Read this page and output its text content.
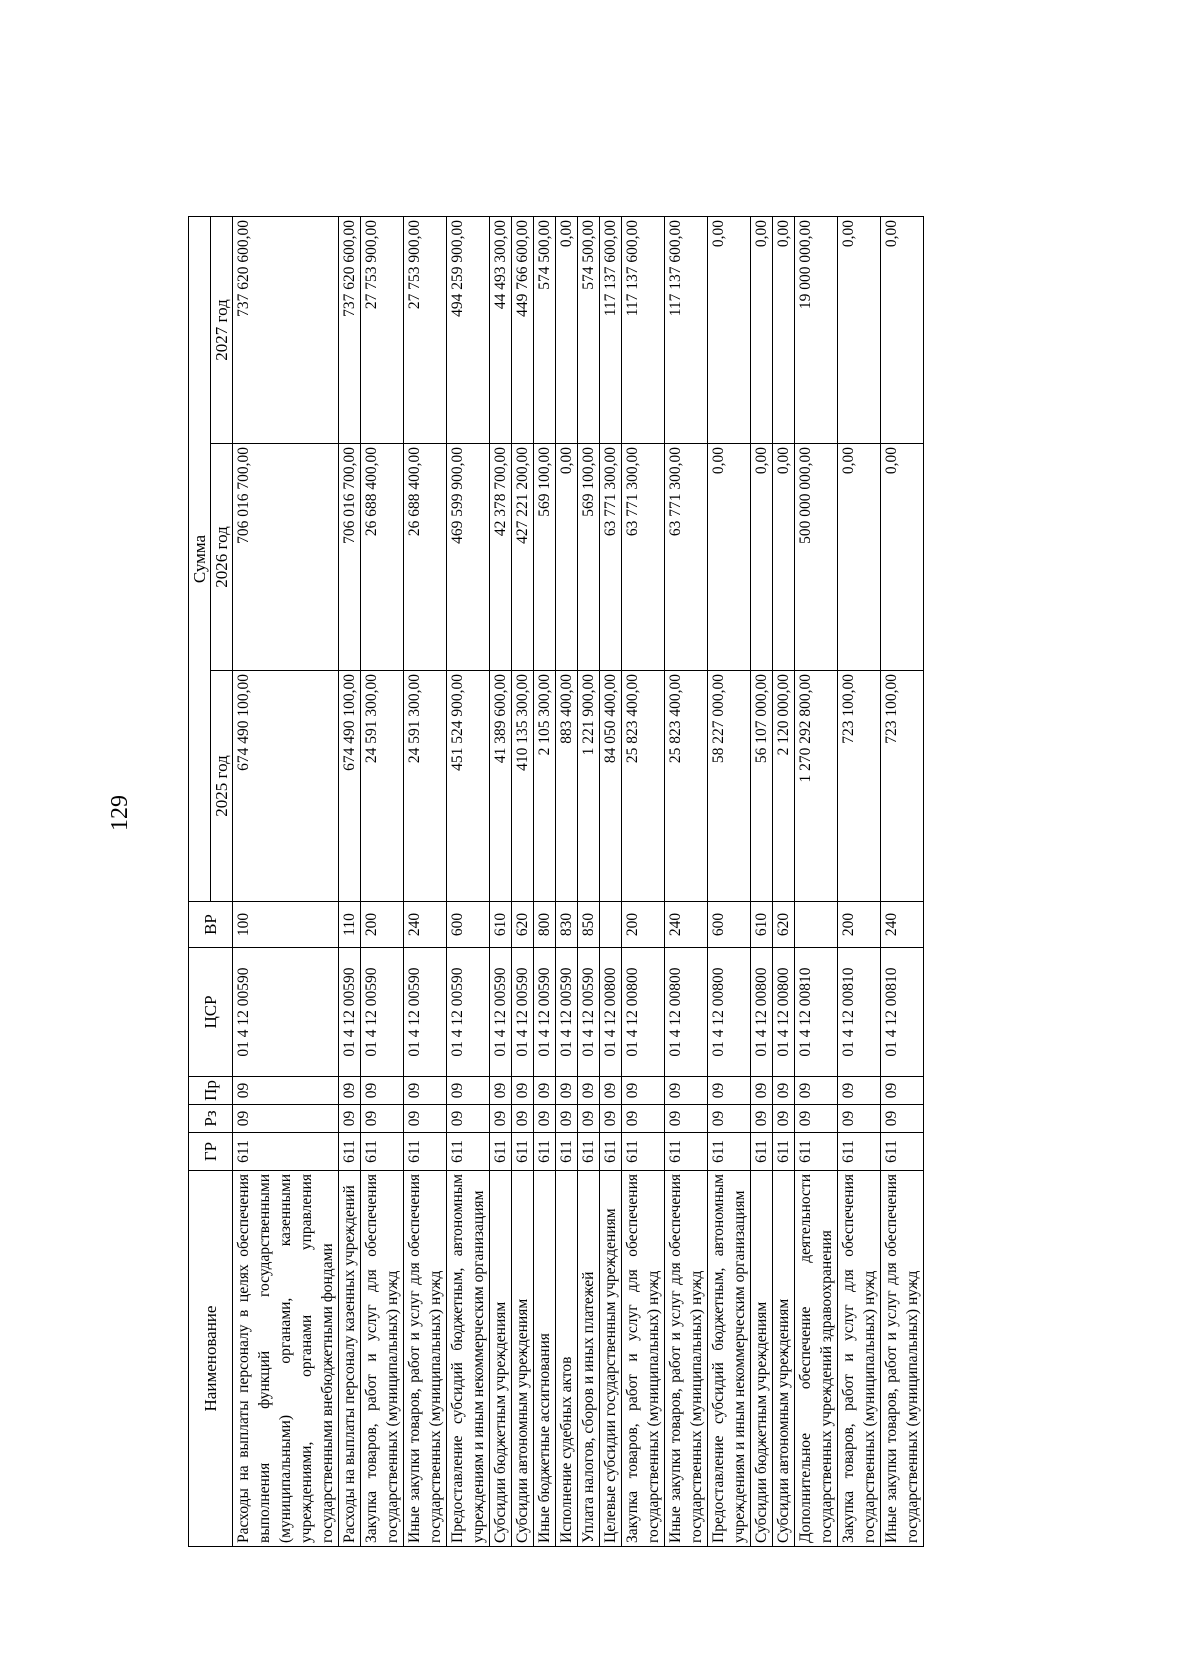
129
Наименование	ГР	Рз	Пр	ЦСР	ВР	Сумма		
						2025 год	2026 год	2027 год
Расходы на выплаты персоналу в целях обеспечения выполнения функций государственными (муниципальными) органами, казенными учреждениями, органами управления государственными внебюджетными фондами	611	09	09	01 4 12 00590	100	674 490 100,00	706 016 700,00	737 620 600,00
Расходы на выплаты персоналу казенных учреждений	611	09	09	01 4 12 00590	110	674 490 100,00	706 016 700,00	737 620 600,00
Закупка товаров, работ и услуг для обеспечения государственных (муниципальных) нужд	611	09	09	01 4 12 00590	200	24 591 300,00	26 688 400,00	27 753 900,00
Иные закупки товаров, работ и услуг для обеспечения государственных (муниципальных) нужд	611	09	09	01 4 12 00590	240	24 591 300,00	26 688 400,00	27 753 900,00
Предоставление субсидий бюджетным, автономным учреждениям и иным некоммерческим организациям	611	09	09	01 4 12 00590	600	451 524 900,00	469 599 900,00	494 259 900,00
Субсидии бюджетным учреждениям	611	09	09	01 4 12 00590	610	41 389 600,00	42 378 700,00	44 493 300,00
Субсидии автономным учреждениям	611	09	09	01 4 12 00590	620	410 135 300,00	427 221 200,00	449 766 600,00
Иные бюджетные ассигнования	611	09	09	01 4 12 00590	800	2 105 300,00	569 100,00	574 500,00
Исполнение судебных актов	611	09	09	01 4 12 00590	830	883 400,00	0,00	0,00
Уплата налогов, сборов и иных платежей	611	09	09	01 4 12 00590	850	1 221 900,00	569 100,00	574 500,00
Целевые субсидии государственным учреждениям	611	09	09	01 4 12 00800		84 050 400,00	63 771 300,00	117 137 600,00
Закупка товаров, работ и услуг для обеспечения государственных (муниципальных) нужд	611	09	09	01 4 12 00800	200	25 823 400,00	63 771 300,00	117 137 600,00
Иные закупки товаров, работ и услуг для обеспечения государственных (муниципальных) нужд	611	09	09	01 4 12 00800	240	25 823 400,00	63 771 300,00	117 137 600,00
Предоставление субсидий бюджетным, автономным учреждениям и иным некоммерческим организациям	611	09	09	01 4 12 00800	600	58 227 000,00	0,00	0,00
Субсидии бюджетным учреждениям	611	09	09	01 4 12 00800	610	56 107 000,00	0,00	0,00
Субсидии автономным учреждениям	611	09	09	01 4 12 00800	620	2 120 000,00	0,00	0,00
Дополнительное обеспечение деятельности государственных учреждений здравоохранения	611	09	09	01 4 12 00810		1 270 292 800,00	500 000 000,00	19 000 000,00
Закупка товаров, работ и услуг для обеспечения государственных (муниципальных) нужд	611	09	09	01 4 12 00810	200	723 100,00	0,00	0,00
Иные закупки товаров, работ и услуг для обеспечения государственных (муниципальных) нужд	611	09	09	01 4 12 00810	240	723 100,00	0,00	0,00
